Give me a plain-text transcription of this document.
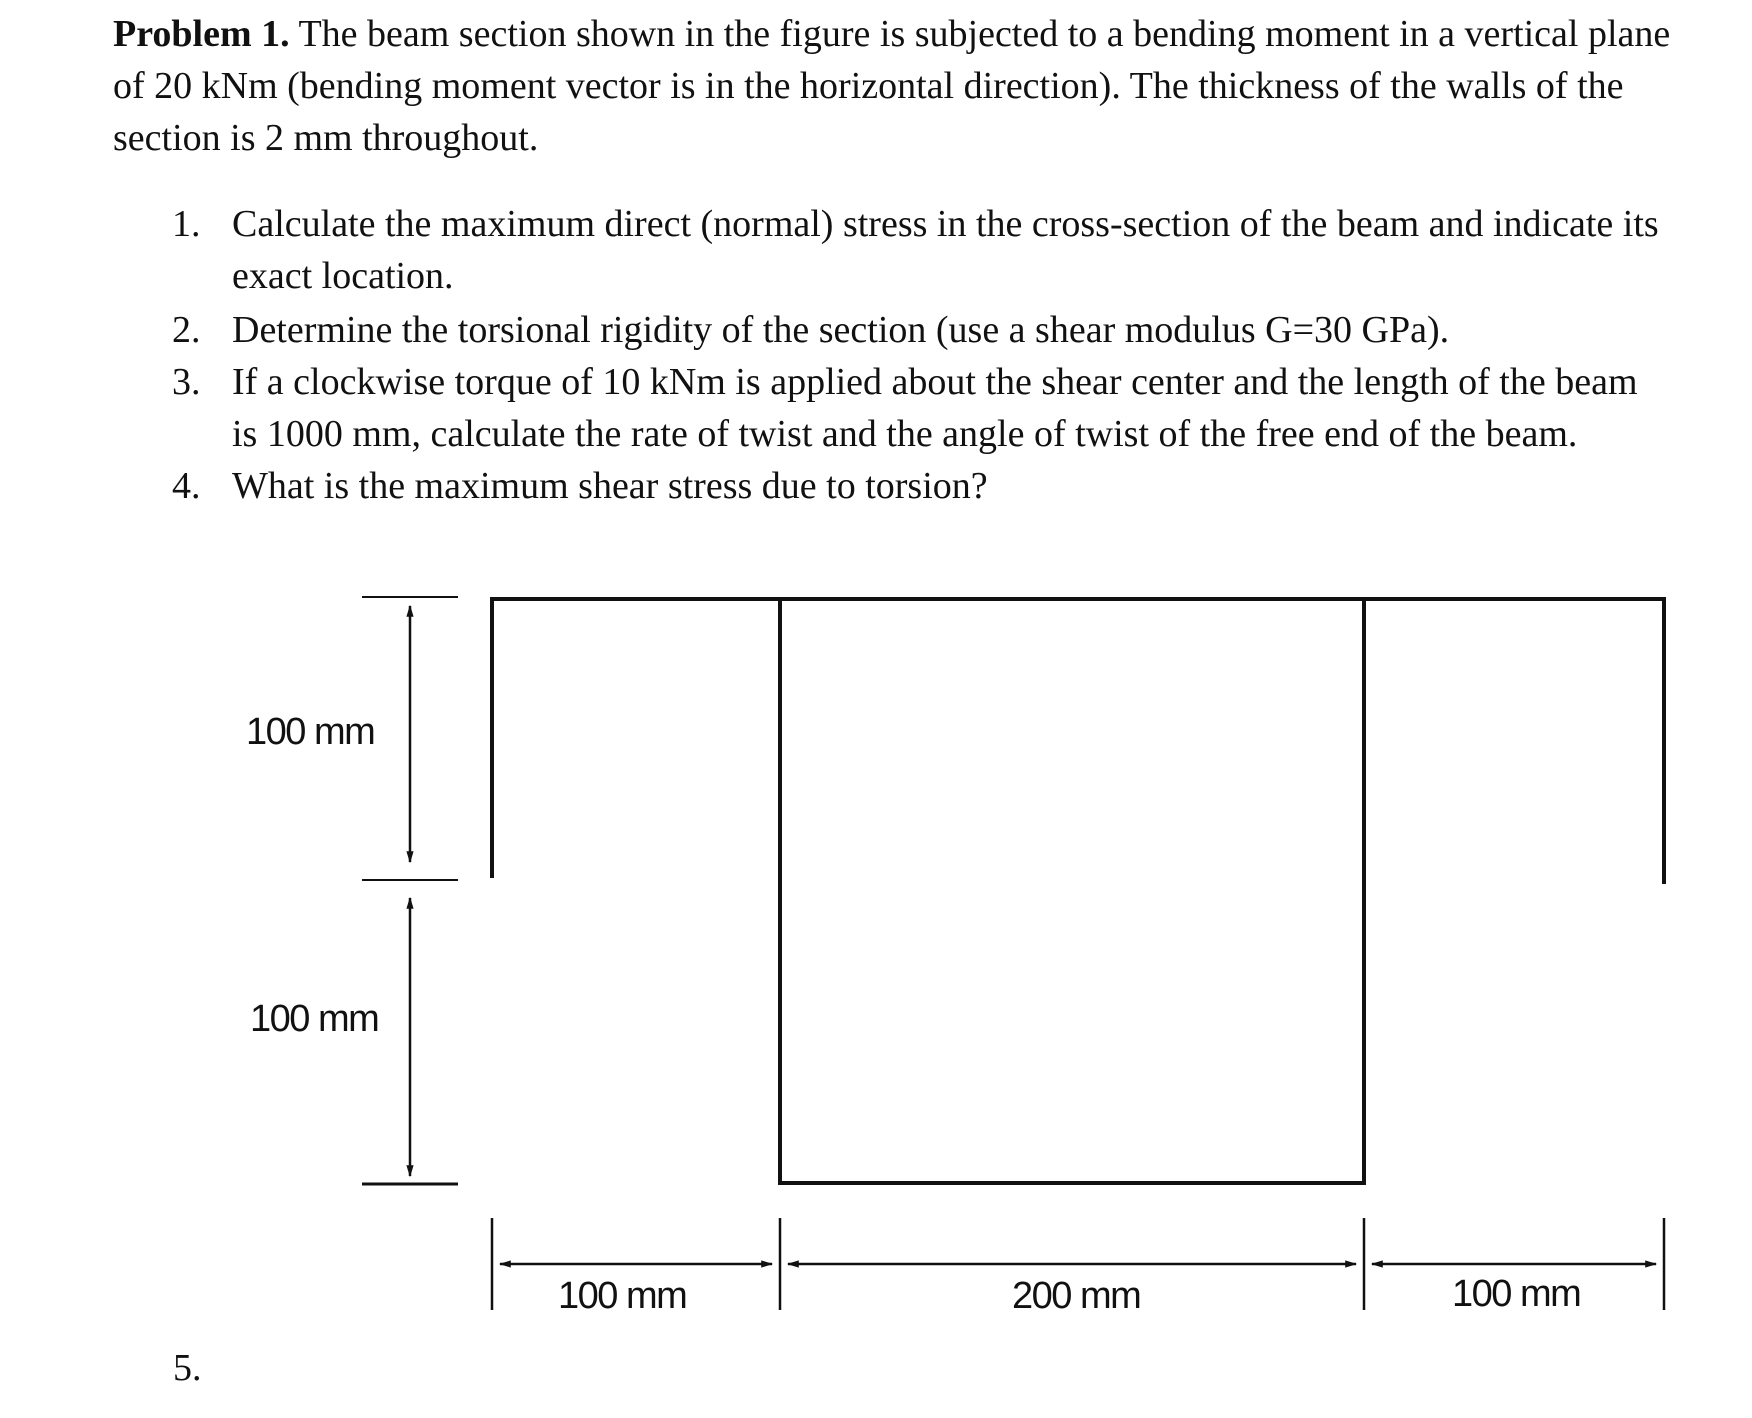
Problem 1. The beam section shown in the figure is subjected to a bending moment in a vertical plane of 20 kNm (bending moment vector is in the horizontal direction). The thickness of the walls of the section is 2 mm throughout.

1. Calculate the maximum direct (normal) stress in the cross-section of the beam and indicate its exact location.
2. Determine the torsional rigidity of the section (use a shear modulus G=30 GPa).
3. If a clockwise torque of 10 kNm is applied about the shear center and the length of the beam is 1000 mm, calculate the rate of twist and the angle of twist of the free end of the beam.
4. What is the maximum shear stress due to torsion?
5.
100 mm
100 mm
100 mm	200 mm	100 mm
